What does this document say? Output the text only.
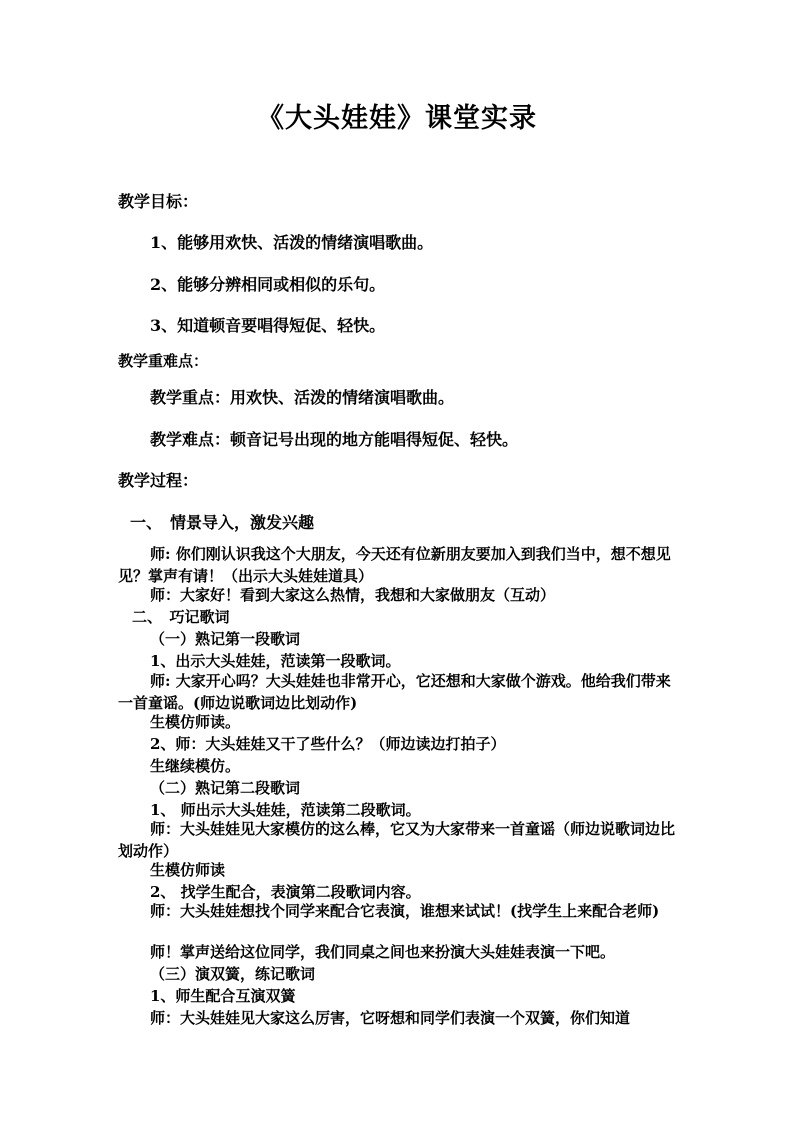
《大头娃娃》课堂实录
教学目标：
1、能够用欢快、活泼的情绪演唱歌曲。
2、能够分辨相同或相似的乐句。
3、知道顿音要唱得短促、轻快。
教学重难点：
教学重点：用欢快、活泼的情绪演唱歌曲。
教学难点：顿音记号出现的地方能唱得短促、轻快。
教学过程：
一、　情景导入，激发兴趣
师: 你们刚认识我这个大朋友，今天还有位新朋友要加入到我们当中，想不想见见？掌声有请！（出示大头娃娃道具）
师：大家好！看到大家这么热情，我想和大家做朋友（互动）
二、　巧记歌词
（一）熟记第一段歌词
1、出示大头娃娃，范读第一段歌词。
师: 大家开心吗？大头娃娃也非常开心，它还想和大家做个游戏。他给我们带来一首童谣。(师边说歌词边比划动作)
生模仿师读。
2、师：大头娃娃又干了些什么？（师边读边打拍子）
生继续模仿。
（二）熟记第二段歌词
1、 师出示大头娃娃，范读第二段歌词。
师：大头娃娃见大家模仿的这么棒，它又为大家带来一首童谣（师边说歌词边比划动作）
生模仿师读
2、 找学生配合，表演第二段歌词内容。
师：大头娃娃想找个同学来配合它表演，谁想来试试！(找学生上来配合老师)
师！掌声送给这位同学，我们同桌之间也来扮演大头娃娃表演一下吧。
（三）演双簧，练记歌词
1、师生配合互演双簧
师：大头娃娃见大家这么厉害，它呀想和同学们表演一个双簧，你们知道
